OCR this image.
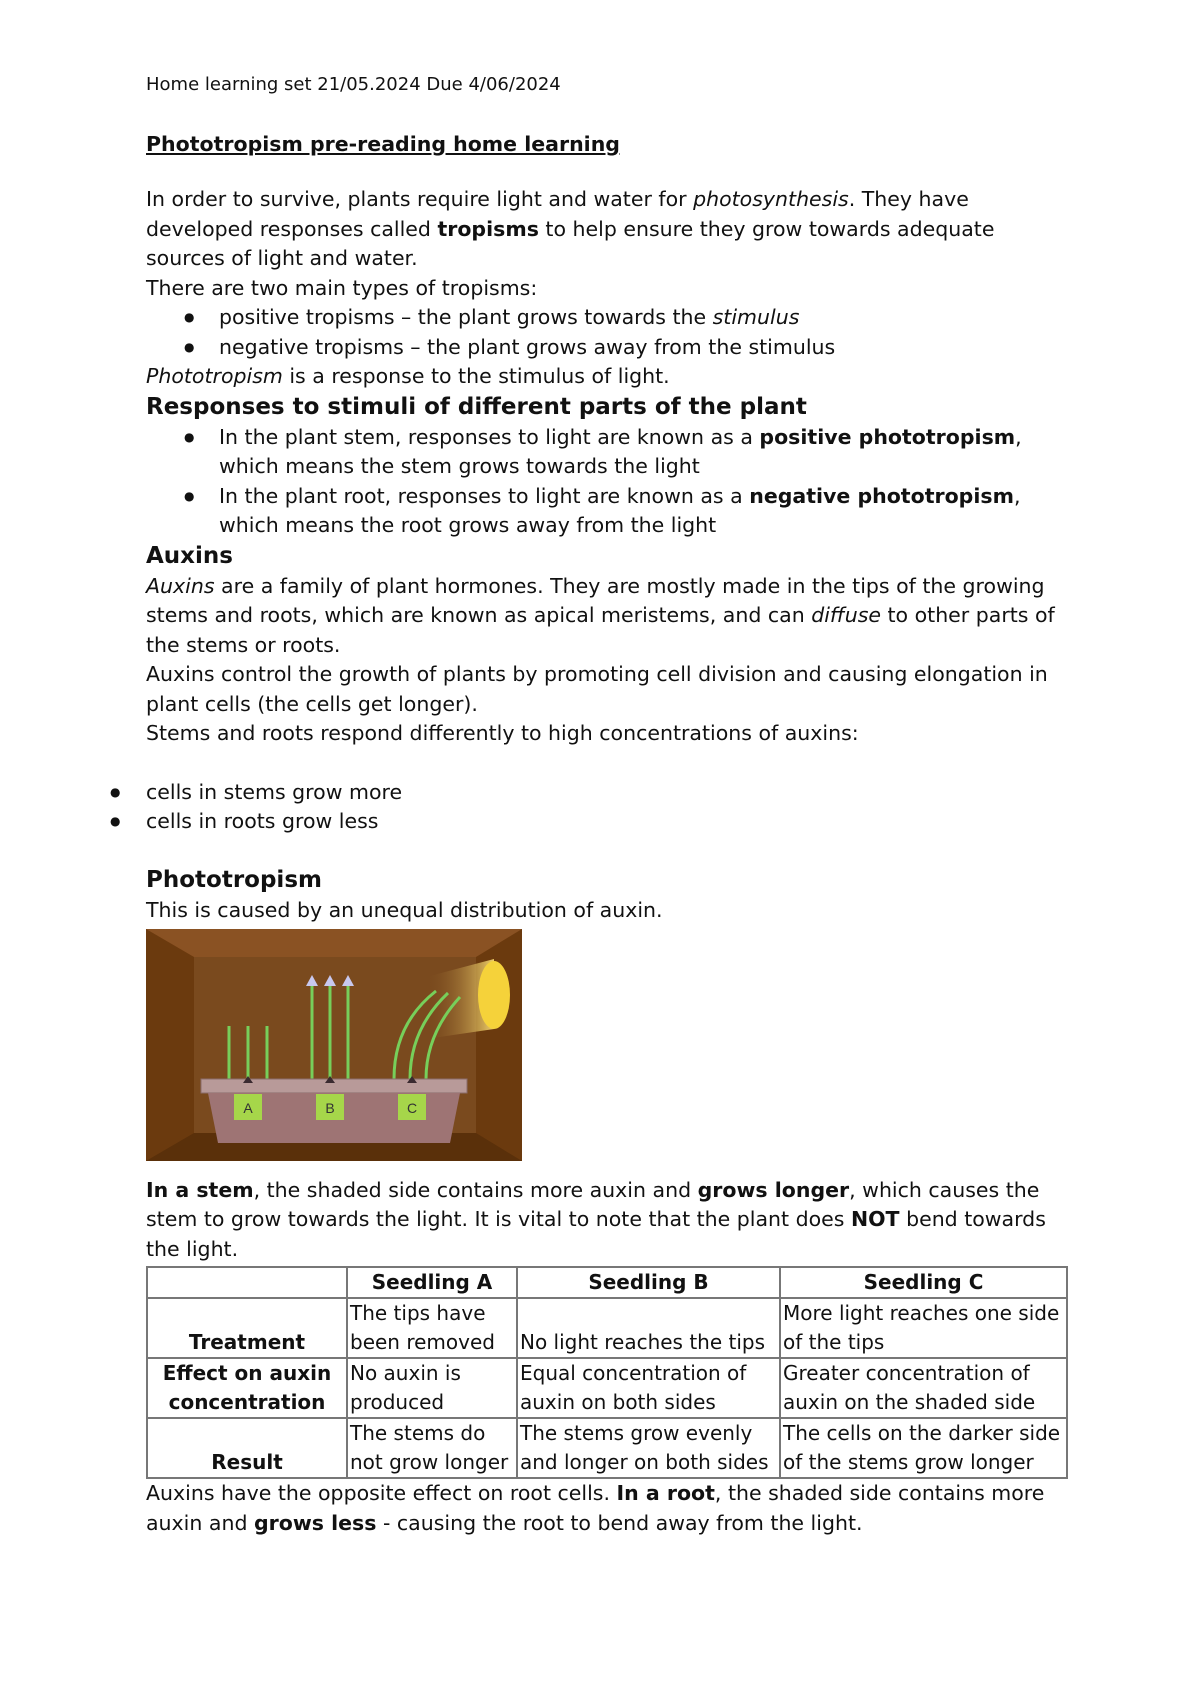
Home learning set 21/05.2024 Due 4/06/2024

Phototropism pre-reading home learning

In order to survive, plants require light and water for photosynthesis. They have developed responses called tropisms to help ensure they grow towards adequate sources of light and water.

There are two main types of tropisms:

● positive tropisms – the plant grows towards the stimulus
● negative tropisms – the plant grows away from the stimulus

Phototropism is a response to the stimulus of light.

Responses to stimuli of different parts of the plant

● In the plant stem, responses to light are known as a positive phototropism, which means the stem grows towards the light
● In the plant root, responses to light are known as a negative phototropism, which means the root grows away from the light

Auxins

Auxins are a family of plant hormones. They are mostly made in the tips of the growing stems and roots, which are known as apical meristems, and can diffuse to other parts of the stems or roots.

Auxins control the growth of plants by promoting cell division and causing elongation in plant cells (the cells get longer).

Stems and roots respond differently to high concentrations of auxins:

● cells in stems grow more
● cells in roots grow less

Phototropism

This is caused by an unequal distribution of auxin.

A	B	C

In a stem, the shaded side contains more auxin and grows longer, which causes the stem to grow towards the light. It is vital to note that the plant does NOT bend towards the light.

	Seedling A	Seedling B	Seedling C
Treatment	The tips have been removed	No light reaches the tips	More light reaches one side of the tips
Effect on auxin concentration	No auxin is produced	Equal concentration of auxin on both sides	Greater concentration of auxin on the shaded side
Result	The stems do not grow longer	The stems grow evenly and longer on both sides	The cells on the darker side of the stems grow longer

Auxins have the opposite effect on root cells. In a root, the shaded side contains more auxin and grows less - causing the root to bend away from the light.
